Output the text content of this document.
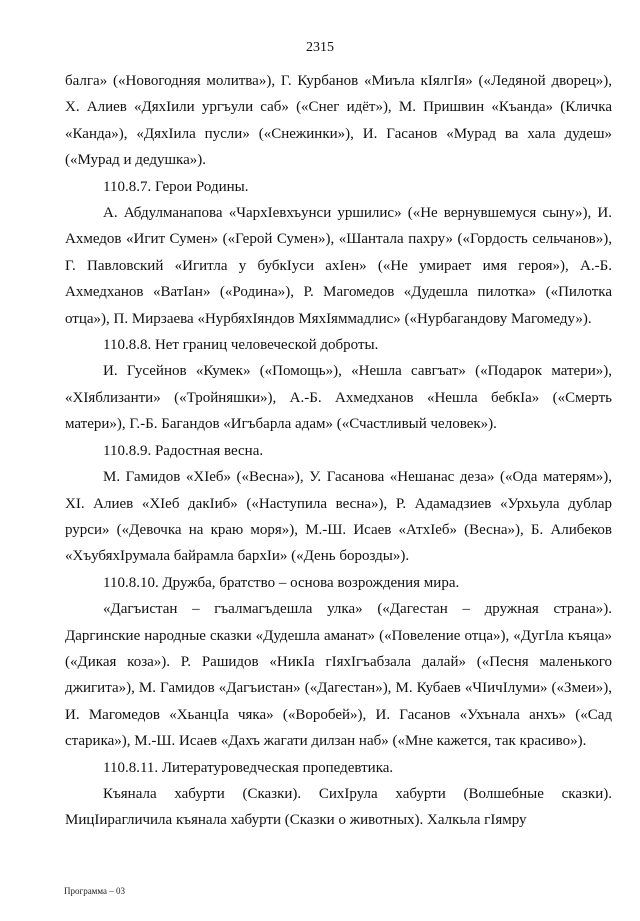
2315

балга» («Новогодняя молитва»), Г. Курбанов «Миъла кIялгIя» («Ледяной дворец»), Х. Алиев «ДяхIили ургъули саб» («Снег идёт»), М. Пришвин «Къанда» (Кличка «Канда»), «ДяхIила пусли» («Снежинки»), И. Гасанов «Мурад ва хала дудеш» («Мурад и дедушка»).

110.8.7. Герои Родины.

А. Абдулманапова «ЧархIевхъунси уршилис» («Не вернувшемуся сыну»), И. Ахмедов «Игит Сумен» («Герой Сумен»), «Шантала пахру» («Гордость сельчанов»), Г. Павловский «Игитла у бубкIуси ахIен» («Не умирает имя героя»), А.-Б. Ахмедханов «ВатIан» («Родина»), Р. Магомедов «Дудешла пилотка» («Пилотка отца»), П. Мирзаева «НурбяхIяндов МяхIяммадлис» («Нурбагандову Магомеду»).

110.8.8. Нет границ человеческой доброты.

И. Гусейнов «Кумек» («Помощь»), «Нешла савгъат» («Подарок матери»), «ХIяблизанти» («Тройняшки»), А.-Б. Ахмедханов «Нешла бебкIа» («Смерть матери»), Г.-Б. Багандов «Игъбарла адам» («Счастливый человек»).

110.8.9. Радостная весна.

М. Гамидов «ХIеб» («Весна»), У. Гасанова «Нешанас деза» («Ода матерям»), ХI. Алиев «ХIеб дакIиб» («Наступила весна»), Р. Адамадзиев «Урхьула дублар рурси» («Девочка на краю моря»), М.-Ш. Исаев «АтхIеб» (Весна»), Б. Алибеков «ХъубяхIрумала байрамла бархIи» («День борозды»).

110.8.10. Дружба, братство – основа возрождения мира.

«Дагъистан – гъалмагъдешла улка» («Дагестан – дружная страна»). Даргинские народные сказки «Дудешла аманат» («Повеление отца»), «ДугIла къяца» («Дикая коза»). Р. Рашидов «НикIа гIяхIгъабзала далай» («Песня маленького джигита»), М. Гамидов «Дагъистан» («Дагестан»), М. Кубаев «ЧIичIлуми» («Змеи»), И. Магомедов «ХьанцIа чяка» («Воробей»), И. Гасанов «Ухънала анхъ» («Сад старика»), М.-Ш. Исаев «Дахъ жагати дилзан наб» («Мне кажется, так красиво»).

110.8.11. Литературоведческая пропедевтика.

Къянала хабурти (Сказки). СихIрула хабурти (Волшебные сказки). МицIирагличила къянала хабурти (Сказки о животных). Халкьла гIямру

Программа – 03
